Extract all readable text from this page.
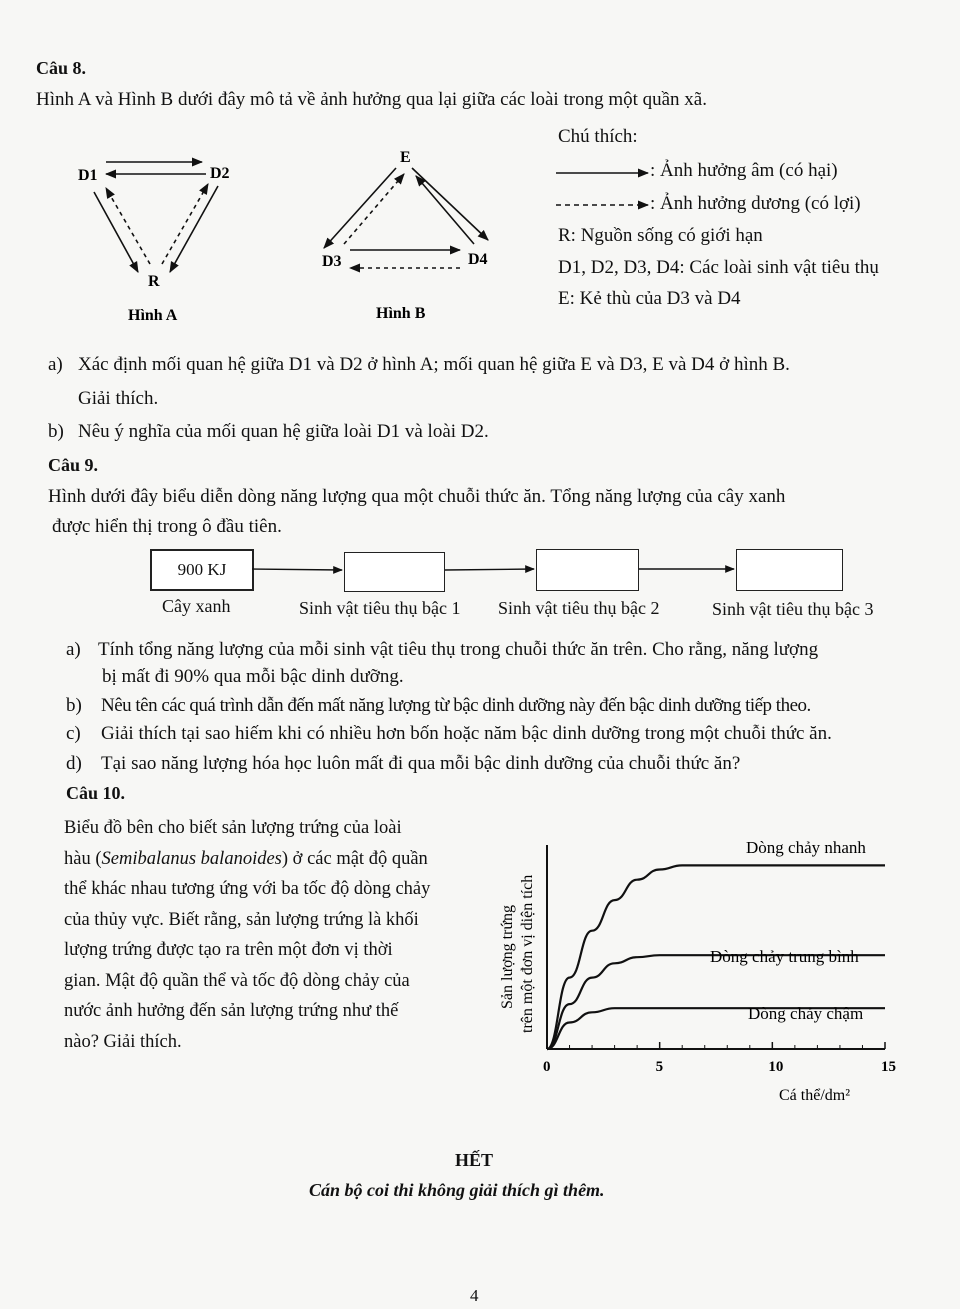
Câu 8.
Hình A và Hình B dưới đây mô tả về ảnh hưởng qua lại giữa các loài trong một quần xã.
D1	D2
R
Hình A
E
D3	D4
Hình B
Chú thích:
: Ảnh hưởng âm (có hại)
: Ảnh hưởng dương (có lợi)
R: Nguồn sống có giới hạn
D1, D2, D3, D4: Các loài sinh vật tiêu thụ
E: Kẻ thù của D3 và D4
a) Xác định mối quan hệ giữa D1 và D2 ở hình A; mối quan hệ giữa E và D3, E và D4 ở hình B.
Giải thích.
b) Nêu ý nghĩa của mối quan hệ giữa loài D1 và loài D2.
Câu 9.
Hình dưới đây biểu diễn dòng năng lượng qua một chuỗi thức ăn. Tổng năng lượng của cây xanh
được hiển thị trong ô đầu tiên.
900 KJ
Cây xanh	Sinh vật tiêu thụ bậc 1 Sinh vật tiêu thụ bậc 2	Sinh vật tiêu thụ bậc 3
a) Tính tổng năng lượng của mỗi sinh vật tiêu thụ trong chuỗi thức ăn trên. Cho rằng, năng lượng
bị mất đi 90% qua mỗi bậc dinh dưỡng.
b) Nêu tên các quá trình dẫn đến mất năng lượng từ bậc dinh dưỡng này đến bậc dinh dưỡng tiếp theo.
c) Giải thích tại sao hiếm khi có nhiều hơn bốn hoặc năm bậc dinh dưỡng trong một chuỗi thức ăn.
d) Tại sao năng lượng hóa học luôn mất đi qua mỗi bậc dinh dưỡng của chuỗi thức ăn?
Câu 10.
Biểu đồ bên cho biết sản lượng trứng của loài
hàu (Semibalanus balanoides) ở các mật độ quần
thể khác nhau tương ứng với ba tốc độ dòng chảy
của thủy vực. Biết rằng, sản lượng trứng là khối
lượng trứng được tạo ra trên một đơn vị thời
gian. Mật độ quần thể và tốc độ dòng chảy của
nước ảnh hưởng đến sản lượng trứng như thế
nào? Giải thích.
0	5	10	15
Sản lượng trứng trên một đơn vị diện tích
Cá thể/dm²
Dòng chảy nhanh
Dòng chảy trung bình
Dòng chảy chậm
HẾT
Cán bộ coi thi không giải thích gì thêm.
4
